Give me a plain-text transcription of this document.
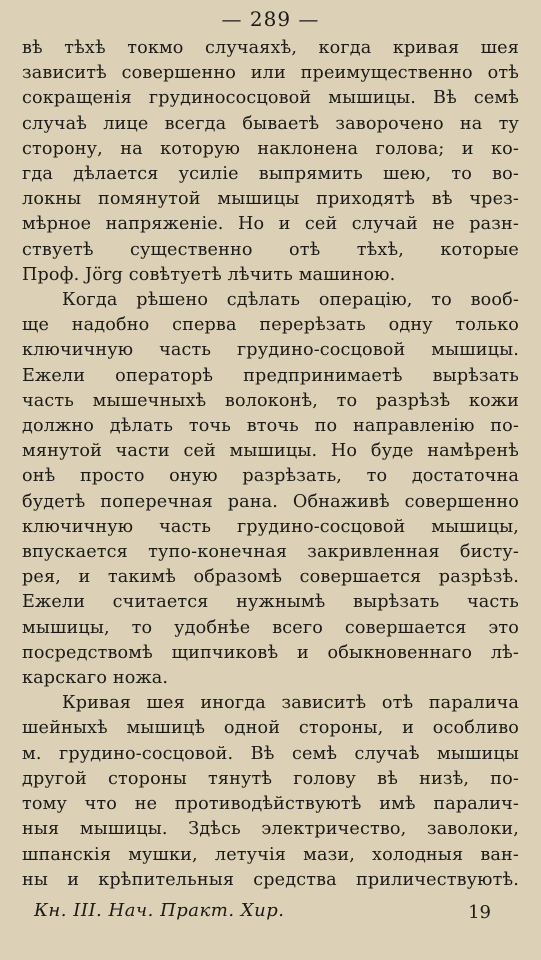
— 289 —
вѣ тѣхѣ токмо случаяхѣ, когда кривая шея
зависитѣ совершенно или преимущественно отѣ
сокращенія грудинососцовой мышицы. Вѣ семѣ
случаѣ лице всегда бываетѣ заворочено на ту
сторону, на которую наклонена голова; и ко-
гда дѣлается усиліе выпрямить шею, то во-
локны помянутой мышицы приходятѣ вѣ чрез-
мѣрное напряженіе. Но и сей случай не разн-
ствуетѣ существенно отѣ тѣхѣ, которые
Проф. Jörg совѣтуетѣ лѣчить машиною.
Когда рѣшено сдѣлать операцію, то вооб-
ще надобно сперва перерѣзать одну только
ключичную часть грудино-сосцовой мышицы.
Ежели операторѣ предпринимаетѣ вырѣзать
часть мышечныхѣ волоконѣ, то разрѣзѣ кожи
должно дѣлать точь вточь по направленію по-
мянутой части сей мышицы. Но буде намѣренѣ
онѣ просто оную разрѣзать, то достаточна
будетѣ поперечная рана. Обнаживѣ совершенно
ключичную часть грудино-сосцовой мышицы,
впускается тупо-конечная закривленная бисту-
рея, и такимѣ образомѣ совершается разрѣзѣ.
Ежели считается нужнымѣ вырѣзать часть
мышицы, то удобнѣе всего совершается это
посредствомѣ щипчиковѣ и обыкновеннаго лѣ-
карскаго ножа.
Кривая шея иногда зависитѣ отѣ паралича
шейныхѣ мышицѣ одной стороны, и особливо
м. грудино-сосцовой. Вѣ семѣ случаѣ мышицы
другой стороны тянутѣ голову вѣ низѣ, по-
тому что не противодѣйствуютѣ имѣ паралич-
ныя мышицы. Здѣсь электричество, заволоки,
шпанскія мушки, летучія мази, холодныя ван-
ны и крѣпительныя средства приличествуютѣ.
Кн. III. Нач. Практ. Хир.	19
